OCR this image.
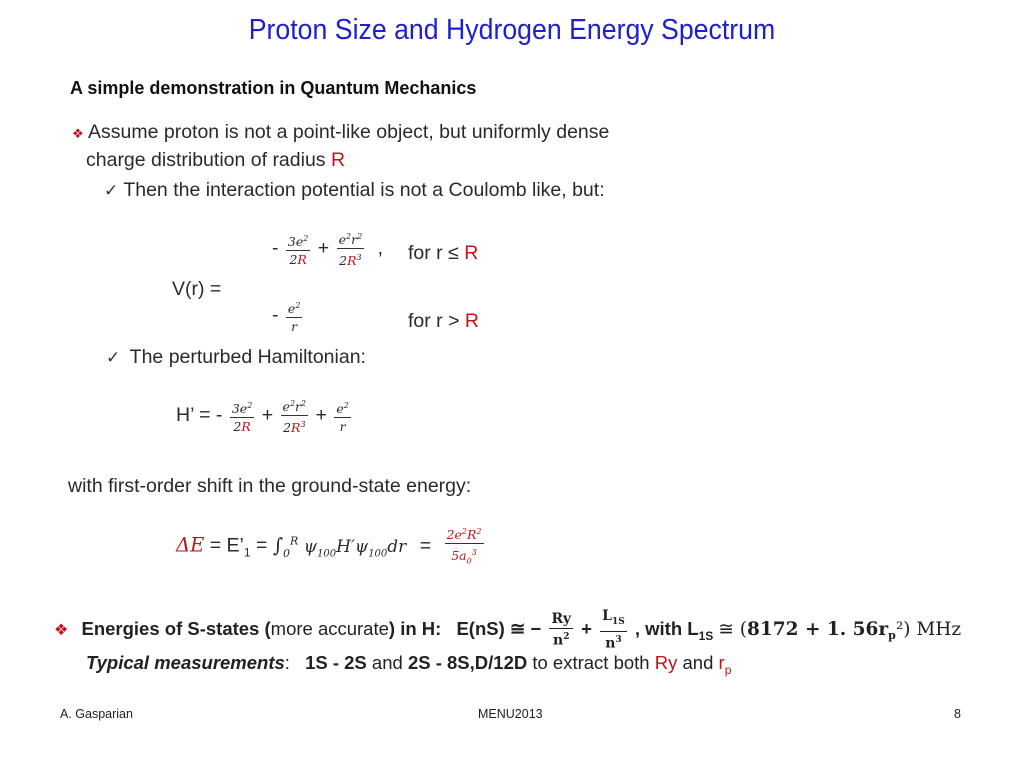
Proton Size and Hydrogen Energy Spectrum
A simple demonstration in Quantum Mechanics
❖ Assume proton is not a point-like object, but uniformly dense
charge distribution of radius R
✓ Then the interaction potential is not a Coulomb like, but:
V(r) =
- $\frac{3e^2}{2R} + \frac{e^2r^2}{2R^3}$ , for r ≤ R
- $\frac{e^2}{r}$	for r > R
✓ The perturbed Hamiltonian:
H’ = - $\frac{3e^2}{2R} + \frac{e^2r^2}{2R^3} + \frac{e^2}{r}$
with first-order shift in the ground-state energy:
$\Delta E = E’_1 = \int_0^R$ $\psi_{100}H'\psi_{100}dr = \frac{2e^2R^2}{5a_0^3}$
❖ Energies of S-states (more accurate) in H: E(nS) ≅ − $\frac{Ry}{n^2} + \frac{L_{1S}}{n^3}$ , with $L_{1S}$ ≅ (8172 + 1. $56r_p^2$) MHz
Typical measurements: 1S - 2S and 2S - 8S,D/12D to extract both Ry and $r_p$
A. Gasparian	MENU2013	8
